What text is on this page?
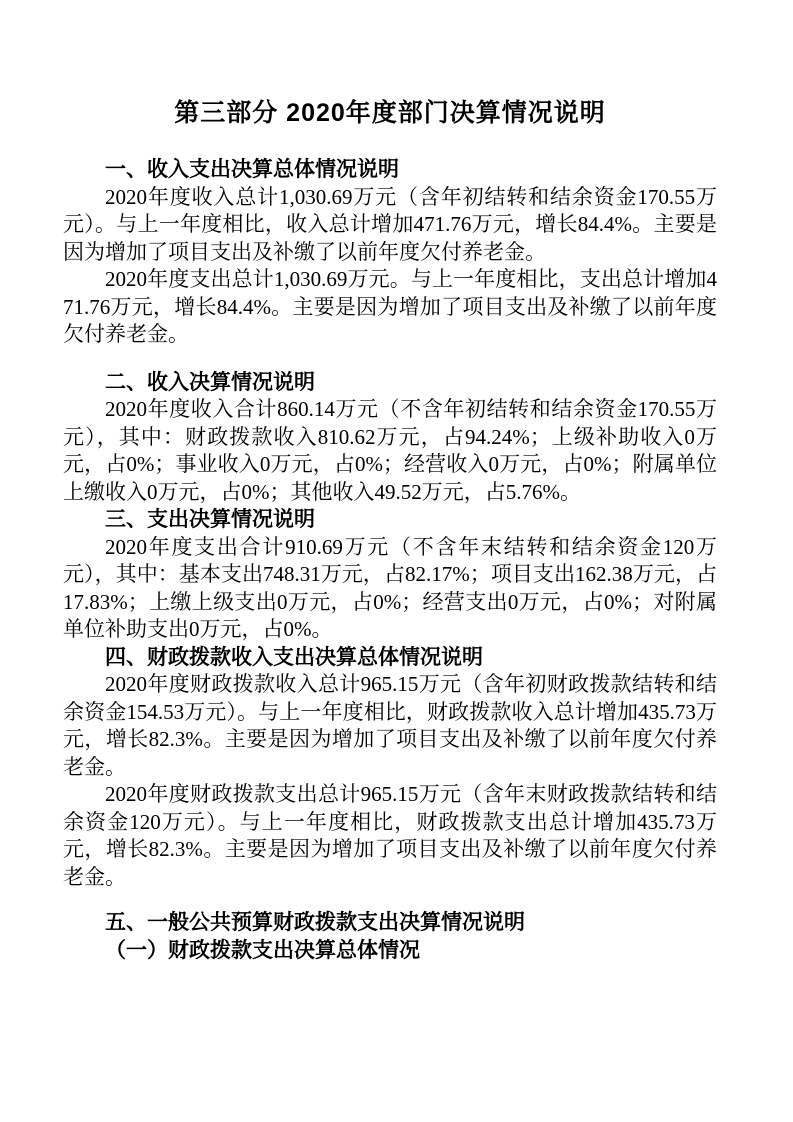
第三部分 2020年度部门决算情况说明
一、收入支出决算总体情况说明

2020年度收入总计1,030.69万元（含年初结转和结余资金170.55万元）。与上一年度相比，收入总计增加471.76万元，增长84.4%。主要是因为增加了项目支出及补缴了以前年度欠付养老金。

2020年度支出总计1,030.69万元。与上一年度相比，支出总计增加471.76万元，增长84.4%。主要是因为增加了项目支出及补缴了以前年度欠付养老金。

二、收入决算情况说明

2020年度收入合计860.14万元（不含年初结转和结余资金170.55万元），其中：财政拨款收入810.62万元，占94.24%；上级补助收入0万元，占0%；事业收入0万元，占0%；经营收入0万元，占0%；附属单位上缴收入0万元，占0%；其他收入49.52万元，占5.76%。

三、支出决算情况说明

2020年度支出合计910.69万元（不含年末结转和结余资金120万元），其中：基本支出748.31万元，占82.17%；项目支出162.38万元，占17.83%；上缴上级支出0万元，占0%；经营支出0万元，占0%；对附属单位补助支出0万元，占0%。

四、财政拨款收入支出决算总体情况说明

2020年度财政拨款收入总计965.15万元（含年初财政拨款结转和结余资金154.53万元）。与上一年度相比，财政拨款收入总计增加435.73万元，增长82.3%。主要是因为增加了项目支出及补缴了以前年度欠付养老金。

2020年度财政拨款支出总计965.15万元（含年末财政拨款结转和结余资金120万元）。与上一年度相比，财政拨款支出总计增加435.73万元，增长82.3%。主要是因为增加了项目支出及补缴了以前年度欠付养老金。

五、一般公共预算财政拨款支出决算情况说明
（一）财政拨款支出决算总体情况
